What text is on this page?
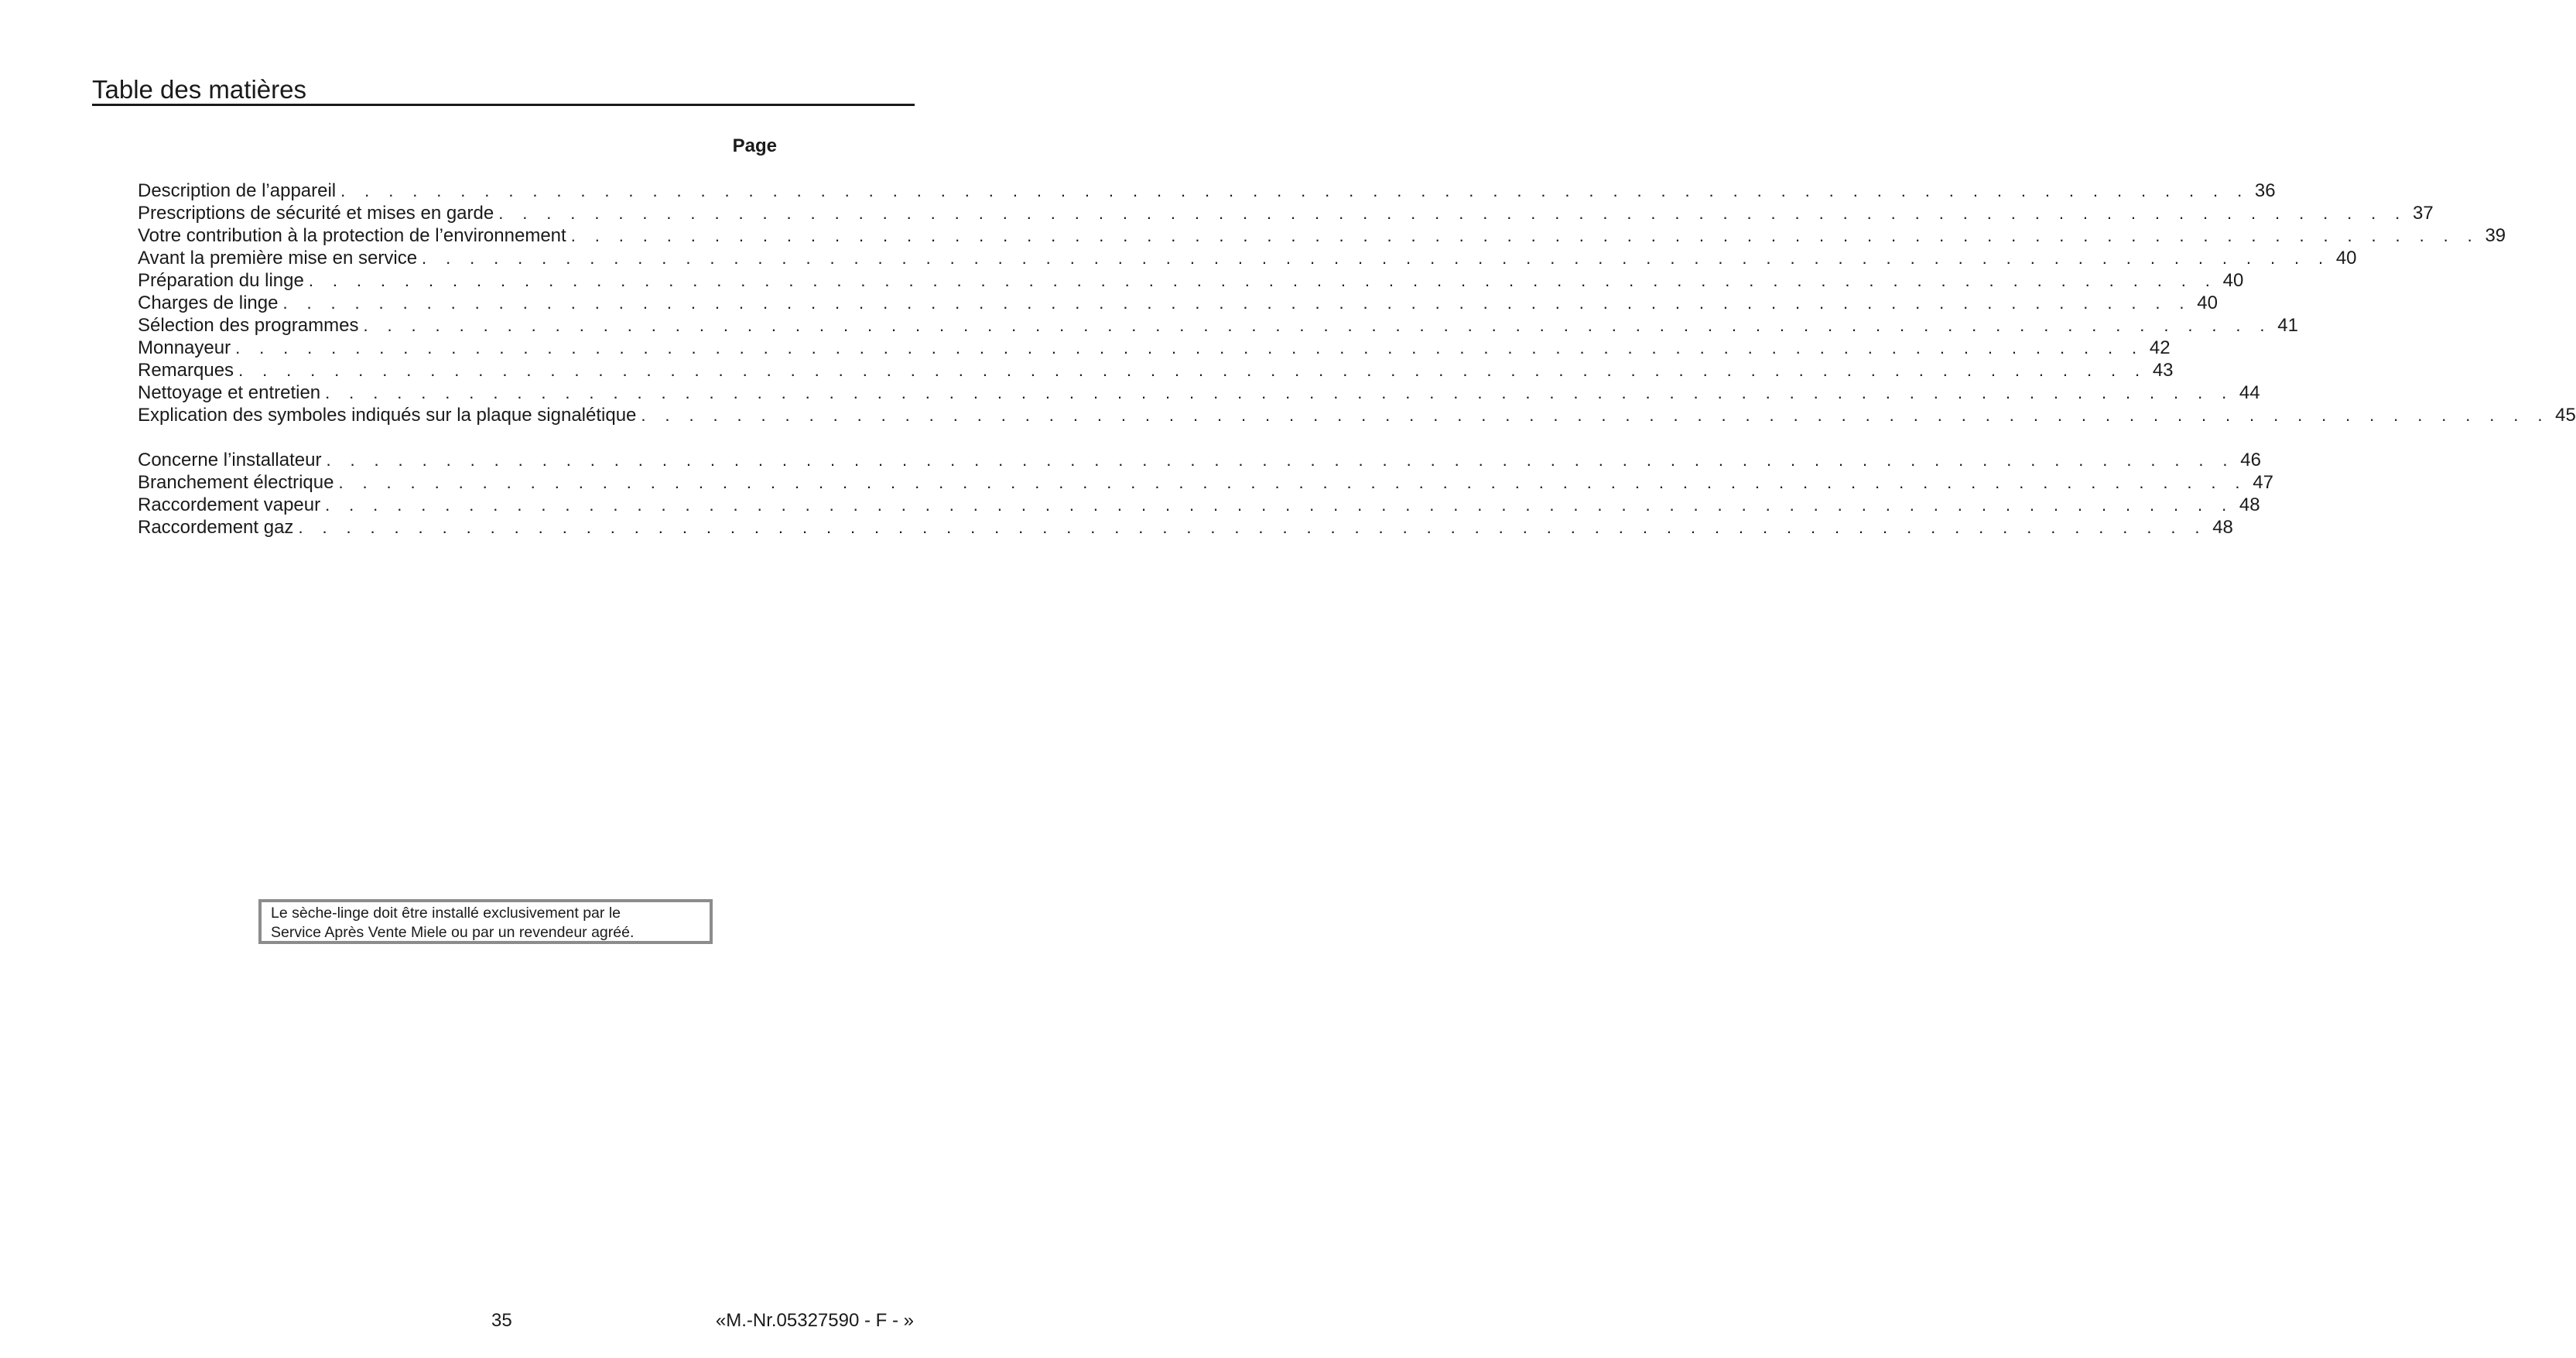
Table des matières
Page
Description de l’appareil . . . . . . . . . . . . . . . . . . . . . . . . . . . . . . . . . . . . . . . . . . . . . . . . . . . . . . . . . . . . . . . . . . . . . . . . . . . . . . . . 36
Prescriptions de sécurité et mises en garde . . . . . . . . . . . . . . . . . . . . . . . . . . . . . . . . . . . . . . . . . . . . . . . . . . . . . . . . . . . . . . . . . . . . . . . . . . . . . . . . 37
Votre contribution à la protection de l’environnement . . . . . . . . . . . . . . . . . . . . . . . . . . . . . . . . . . . . . . . . . . . . . . . . . . . . . . . . . . . . . . . . . . . . . . . . . . . . . . . . 39
Avant la première mise en service . . . . . . . . . . . . . . . . . . . . . . . . . . . . . . . . . . . . . . . . . . . . . . . . . . . . . . . . . . . . . . . . . . . . . . . . . . . . . . . . 40
Préparation du linge . . . . . . . . . . . . . . . . . . . . . . . . . . . . . . . . . . . . . . . . . . . . . . . . . . . . . . . . . . . . . . . . . . . . . . . . . . . . . . . . 40
Charges de linge . . . . . . . . . . . . . . . . . . . . . . . . . . . . . . . . . . . . . . . . . . . . . . . . . . . . . . . . . . . . . . . . . . . . . . . . . . . . . . . . 40
Sélection des programmes . . . . . . . . . . . . . . . . . . . . . . . . . . . . . . . . . . . . . . . . . . . . . . . . . . . . . . . . . . . . . . . . . . . . . . . . . . . . . . . . 41
Monnayeur . . . . . . . . . . . . . . . . . . . . . . . . . . . . . . . . . . . . . . . . . . . . . . . . . . . . . . . . . . . . . . . . . . . . . . . . . . . . . . . . 42
Remarques . . . . . . . . . . . . . . . . . . . . . . . . . . . . . . . . . . . . . . . . . . . . . . . . . . . . . . . . . . . . . . . . . . . . . . . . . . . . . . . . 43
Nettoyage et entretien . . . . . . . . . . . . . . . . . . . . . . . . . . . . . . . . . . . . . . . . . . . . . . . . . . . . . . . . . . . . . . . . . . . . . . . . . . . . . . . . 44
Explication des symboles indiqués sur la plaque signalétique . . . . . . . . . . . . . . . . . . . . . . . . . . . . . . . . . . . . . . . . . . . . . . . . . . . . . . . . . . . . . . . . . . . . . . . . . . . . . . . . 45
Concerne l’installateur . . . . . . . . . . . . . . . . . . . . . . . . . . . . . . . . . . . . . . . . . . . . . . . . . . . . . . . . . . . . . . . . . . . . . . . . . . . . . . . . 46
Branchement électrique . . . . . . . . . . . . . . . . . . . . . . . . . . . . . . . . . . . . . . . . . . . . . . . . . . . . . . . . . . . . . . . . . . . . . . . . . . . . . . . . 47
Raccordement vapeur . . . . . . . . . . . . . . . . . . . . . . . . . . . . . . . . . . . . . . . . . . . . . . . . . . . . . . . . . . . . . . . . . . . . . . . . . . . . . . . . 48
Raccordement gaz . . . . . . . . . . . . . . . . . . . . . . . . . . . . . . . . . . . . . . . . . . . . . . . . . . . . . . . . . . . . . . . . . . . . . . . . . . . . . . . . 48

Le sèche-linge doit être installé exclusivement par le

Service Après Vente Miele ou par un revendeur agréé.

35	«M.-Nr.05327590 - F - »
